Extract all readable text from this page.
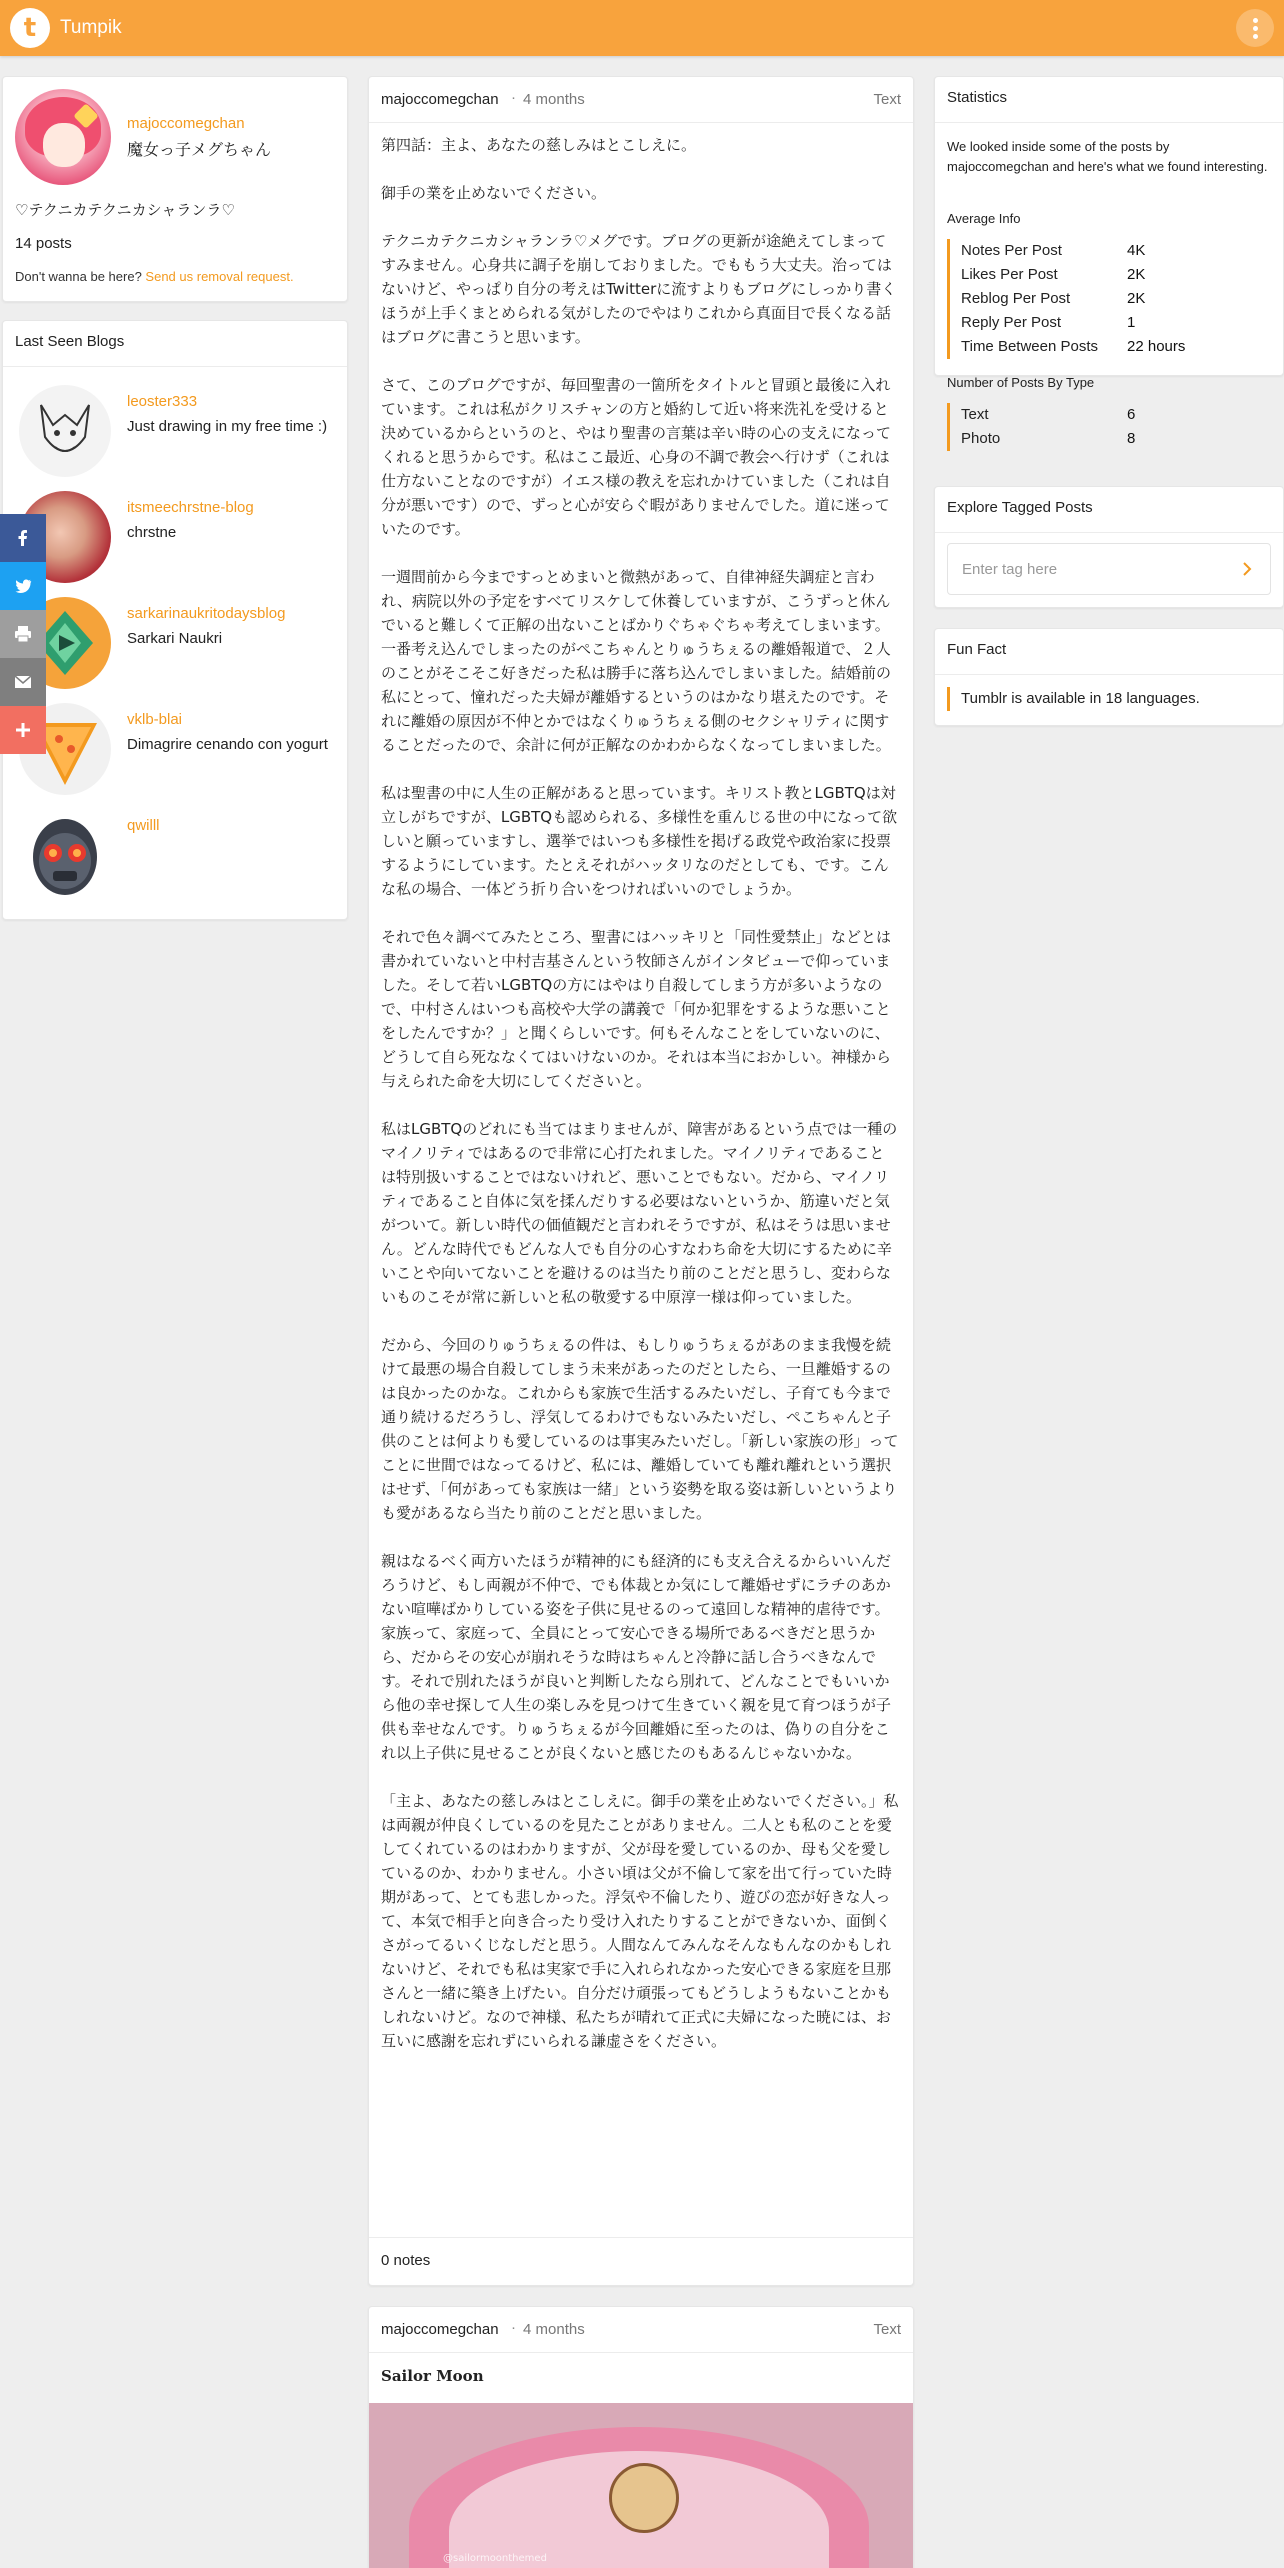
t	Tumpik
majoccomegchan
魔女っ子メグちゃん
♡テクニカテクニカシャランラ♡
14 posts
Don't wanna be here? Send us removal request.
Last Seen Blogs
leoster333
Just drawing in my free time :)
itsmeechrstne-blog
chrstne
sarkarinaukritodaysblog
Sarkari Naukri
vklb-blai
Dimagrire cenando con yogurt
qwilll
majoccomegchan · 4 months	Text

第四話：主よ、あなたの慈しみはとこしえに。

御手の業を止めないでください。

テクニカテクニカシャランラ♡メグです。ブログの更新が途絶えてしまってすみません。心身共に調子を崩しておりました。でももう大丈夫。治ってはないけど、やっぱり自分の考えはTwitterに流すよりもブログにしっかり書くほうが上手くまとめられる気がしたのでやはりこれから真面目で長くなる話はブログに書こうと思います。

さて、このブログですが、毎回聖書の一箇所をタイトルと冒頭と最後に入れています。これは私がクリスチャンの方と婚約して近い将来洗礼を受けると決めているからというのと、やはり聖書の言葉は辛い時の心の支えになってくれると思うからです。私はここ最近、心身の不調で教会へ行けず（これは仕方ないことなのですが）イエス様の教えを忘れかけていました（これは自分が悪いです）ので、ずっと心が安らぐ暇がありませんでした。道に迷っていたのです。

一週間前から今まですっとめまいと微熱があって、自律神経失調症と言われ、病院以外の予定をすべてリスケして休養していますが、こうずっと休んでいると難しくて正解の出ないことばかりぐちゃぐちゃ考えてしまいます。一番考え込んでしまったのがぺこちゃんとりゅうちぇるの離婚報道で、２人のことがそこそこ好きだった私は勝手に落ち込んでしまいました。結婚前の私にとって、憧れだった夫婦が離婚するというのはかなり堪えたのです。それに離婚の原因が不仲とかではなくりゅうちぇる側のセクシャリティに関することだったので、余計に何が正解なのかわからなくなってしまいました。

私は聖書の中に人生の正解があると思っています。キリスト教とLGBTQは対立しがちですが、LGBTQも認められる、多様性を重んじる世の中になって欲しいと願っていますし、選挙ではいつも多様性を掲げる政党や政治家に投票するようにしています。たとえそれがハッタリなのだとしても、です。こんな私の場合、一体どう折り合いをつければいいのでしょうか。

それで色々調べてみたところ、聖書にはハッキリと「同性愛禁止」などとは書かれていないと中村吉基さんという牧師さんがインタビューで仰っていました。そして若いLGBTQの方にはやはり自殺してしまう方が多いようなので、中村さんはいつも高校や大学の講義で「何か犯罪をするような悪いことをしたんですか？」と聞くらしいです。何もそんなことをしていないのに、どうして自ら死ななくてはいけないのか。それは本当におかしい。神様から与えられた命を大切にしてくださいと。

私はLGBTQのどれにも当てはまりませんが、障害があるという点では一種のマイノリティではあるので非常に心打たれました。マイノリティであることは特別扱いすることではないけれど、悪いことでもない。だから、マイノリティであること自体に気を揉んだりする必要はないというか、筋違いだと気がついて。新しい時代の価値観だと言われそうですが、私はそうは思いません。どんな時代でもどんな人でも自分の心すなわち命を大切にするために辛いことや向いてないことを避けるのは当たり前のことだと思うし、変わらないものこそが常に新しいと私の敬愛する中原淳一様は仰っていました。

だから、今回のりゅうちぇるの件は、もしりゅうちぇるがあのまま我慢を続けて最悪の場合自殺してしまう未来があったのだとしたら、一旦離婚するのは良かったのかな。これからも家族で生活するみたいだし、子育ても今まで通り続けるだろうし、浮気してるわけでもないみたいだし、ぺこちゃんと子供のことは何よりも愛しているのは事実みたいだし。「新しい家族の形」ってことに世間ではなってるけど、私には、離婚していても離れ離れという選択はせず、「何があっても家族は一緒」という姿勢を取る姿は新しいというよりも愛があるなら当たり前のことだと思いました。

親はなるべく両方いたほうが精神的にも経済的にも支え合えるからいいんだろうけど、もし両親が不仲で、でも体裁とか気にして離婚せずにラチのあかない喧嘩ばかりしている姿を子供に見せるのって遠回しな精神的虐待です。家族って、家庭って、全員にとって安心できる場所であるべきだと思うから、だからその安心が崩れそうな時はちゃんと冷静に話し合うべきなんです。それで別れたほうが良いと判断したなら別れて、どんなことでもいいから他の幸せ探して人生の楽しみを見つけて生きていく親を見て育つほうが子供も幸せなんです。りゅうちぇるが今回離婚に至ったのは、偽りの自分をこれ以上子供に見せることが良くないと感じたのもあるんじゃないかな。

「主よ、あなたの慈しみはとこしえに。御手の業を止めないでください。」私は両親が仲良くしているのを見たことがありません。二人とも私のことを愛してくれているのはわかりますが、父が母を愛しているのか、母も父を愛しているのか、わかりません。小さい頃は父が不倫して家を出て行っていた時期があって、とても悲しかった。浮気や不倫したり、遊びの恋が好きな人って、本気で相手と向き合ったり受け入れたりすることができないか、面倒くさがってるいくじなしだと思う。人間なんてみんなそんなもんなのかもしれないけど、それでも私は実家で手に入れられなかった安心できる家庭を旦那さんと一緒に築き上げたい。自分だけ頑張ってもどうしようもないことかもしれないけど。なので神様、私たちが晴れて正式に夫婦になった暁には、お互いに感謝を忘れずにいられる謙虚さをください。

0 notes
majoccomegchan · 4 months	Text
Sailor Moon
@sailormoonthemed
Statistics
We looked inside some of the posts by majoccomegchan and here's what we found interesting.
Average Info
Notes Per Post	4K
Likes Per Post	2K
Reblog Per Post	2K
Reply Per Post	1
Time Between Posts	22 hours
Number of Posts By Type
Text	6
Photo	8
Explore Tagged Posts
Enter tag here
Fun Fact
Tumblr is available in 18 languages.
